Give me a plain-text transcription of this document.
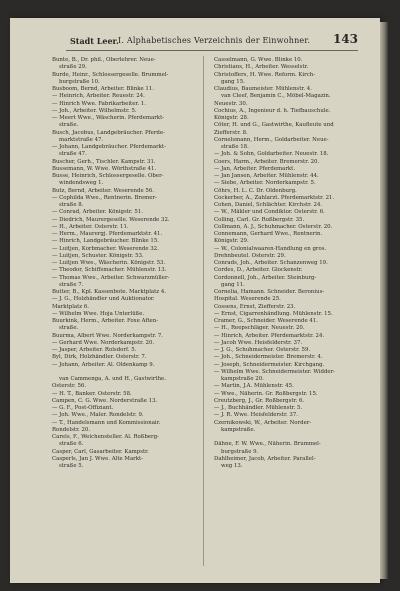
Stadt Leer. I. Alphabetisches Verzeichnis der Einwohner. 143
Bunte, B., Dr. phil., Oberlehrer. Neue-
straße 29.
Burde, Heinr., Schlossergeselle. Brummel-
burgstraße 10.
Busboom, Bernd, Arbeiter. Blinke 11.
— Heinrich, Arbeiter. Reuestr. 24.
— Hinrich Wwe. Fabrikarbeiter. 1.
— Joh., Arbeiter. Wilhelmstr. 5.
— Meert Wwe., Wäscherin. Pferdemarkt-
straße.
Busch, Jacobus, Landgebräucher. Pferde-
marktstraße 47.
— Johann, Landgebräucher. Pferdemarkt-
straße 47.
Buscher, Gerh., Tischler. Kampstr. 31.
Bussemann, W. Wwe. Wörthstraße 41.
Busse, Heinrich, Schlossergeselle. Ober-
windendsweg 1.
Butz, Bernd, Arbeiter. Weserende 56.
— Cophilda Wwe., Rentnerin. Bremer-
straße 8.
— Conrad, Arbeiter. Königstr. 51.
— Diedrich, Maurergeselle. Weserende 32.
— H., Arbeiter. Osterstr. 11.
— Herm., Maurergj. Pferdemarktstr. 41.
— Hinrich, Landgebräucher. Blinke 15.
— Luitjen, Korbmacher. Weserende 32.
— Luitjen, Schuster. Königstr. 53.
— Luitjen Wwe., Wäscherin. Königstr. 53.
— Theodor, Schiffsmacher. Mühlenstr. 13.
— Thomas Wwe., Arbeiter. Schwarzmüller-
straße 7.
Butter, B., Kpl. Kassenbote. Marktplatz 4.
— J. G., Holzhändler und Auktionator.
Marktplatz 6.
— Wilhelm Wwe. Hoja Unterlüße.
Buurkink, Herm., Arbeiter. Foxe Aften-
straße.
Buurma, Albert Wwe. Norderkampstr. 7.
— Gerhard Wwe. Norderkampstr. 20.
— Jasper, Arbeiter. Rolsdorf. 5.
Byl, Dirk, Holzhändler. Osterstr. 7.
— Johann, Arbeiter. Al. Oldenkamp 9.

van Cammenga, A. und H., Gastwirthe.
Osterstr. 56.
— H. T., Banker. Osterstr. 58.
Campen, C. G. Wwe. Norderstraße 13.
— G. F., Post-Offiziant.
— Joh. Wwe., Maler. Rondelstr. 9.
— T., Handelsmann und Kommissionair.
Rondelstr. 20.
Carels, F., Weichensteller. Al. Roßberg-
straße 6.
Casper, Carl, Gasarbeiter. Kampstr.
Casperls, Jan J. Wwe. Alte Markt-
straße 5.
Casselmann, G. Wwe. Blinke 10.
Christians, H., Arbeiter. Wesselstr.
Christoffers, H. Wwe. Reform. Kirch-
gang 15.
Claudius, Baumeister. Mühlenstr. 4.
van Cleef, Benjamin C., Möbel-Magazin.
Neuestr. 30.
Cochius, A., Ingenieur d. h. Tiefbauschule.
Königstr. 28.
Cöter, H. und G., Gastwirthe, Kaufleute und
Ziefferstr. 8.
Cornelsmann, Herm., Goldarbeiter. Neue-
straße 18.
— Joh. & Sohn, Goldarbeiter. Neuestr. 18.
Coers, Harm., Arbeiter. Bremerstr. 20.
— Jan, Arbeiter. Pferdemarkt.
— Jan Jansen, Arbeiter. Mühlenstr. 44.
— Siebe, Arbeiter. Norderkampstr. 5.
Cöhrs, H. L. C. Dr. Oldenburg.
Cockerber, A., Zahlarzt. Pferdemarktstr. 21.
Cohen, Daniel, Schlächter. Kirchstr. 24.
— W., Mäkler und Condiktor. Osterstr. 6.
Colling, Carl. Gr. Roßbergstr. 35.
Collmann, A. J., Schuhmacher. Osterstr. 20.
Connemann, Gerhard Wwe., Rentnerin.
Königstr. 29.
— W., Colonialwaaren-Handlung en gros.
Drehnbeutel. Osterstr. 29.
Conrads, Joh., Arbeiter. Schanzenweg 19.
Cordes, D., Arbeiter. Glockenstr.
Cordonnell, Joh., Arbeiter. Steinburg-
gang 11.
Cornelia, Hamann. Schneider. Beronius-
Hospital. Weserende 25.
Cossens, Ernst, Ziefferstr. 23.
— Ernst, Cigarrenhändlung. Mühlenstr. 15.
Cramer, G., Schneider. Weserende 41.
— H., Reepschläger. Neuestr. 20.
— Hinrich, Arbeiter. Pferdemarktstr. 24.
— Jacob Wwe. Heisfelderstr. 37.
— J. G., Schuhmacher. Osterstr. 59.
— Joh., Schneidermeister. Bremerstr. 4.
— Joseph, Schneidermeister. Kirchgang.
— Wilhelm Wwe. Schneidermeister. Widder-
kampstraße 20.
— Martin, J.A. Mühlenstr. 45.
— Wwe., Näherin. Gr. Roßbergstr. 15.
Creutzberg, J., Gr. Roßbergstr. 6.
— J., Buchhändler. Mühlenstr. 5.
— J. R. Wwe. Heisfelderstr. 37.
Czernikowski, W., Arbeiter. Norder-
kampstraße.

Dähne, F. W. Wwe., Näherin. Brummel-
burgstraße 9.
Dahlheimer, Jacob, Arbeiter. Parallel-
weg 13.
